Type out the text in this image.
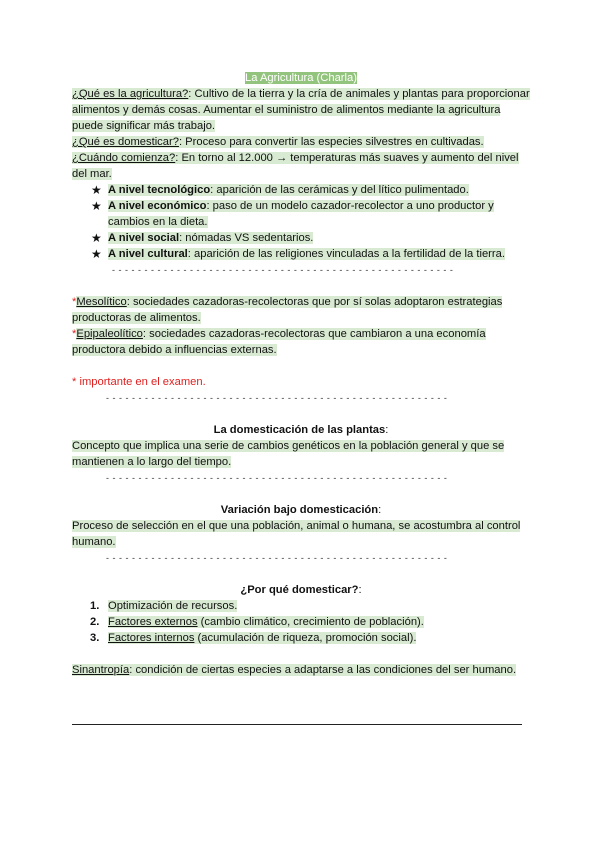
La Agricultura (Charla)

¿Qué es la agricultura?: Cultivo de la tierra y la cría de animales y plantas para proporcionar alimentos y demás cosas. Aumentar el suministro de alimentos mediante la agricultura puede significar más trabajo.

¿Qué es domesticar?: Proceso para convertir las especies silvestres en cultivadas.

¿Cuándo comienza?: En torno al 12.000 → temperaturas más suaves y aumento del nivel del mar.

★ A nivel tecnológico: aparición de las cerámicas y del lítico pulimentado.
★ A nivel económico: paso de un modelo cazador-recolector a uno productor y cambios en la dieta.
★ A nivel social: nómadas VS sedentarios.
★ A nivel cultural: aparición de las religiones vinculadas a la fertilidad de la tierra.
- - - - - - - - - - - - - - - - - - - - - - - - - - - - - - - - - - - - - - - - - - - - - - - - - - - - -

*Mesolítico: sociedades cazadoras-recolectoras que por sí solas adoptaron estrategias productoras de alimentos.

*Epipaleolítico: sociedades cazadoras-recolectoras que cambiaron a una economía productora debido a influencias externas.

* importante en el examen.

- - - - - - - - - - - - - - - - - - - - - - - - - - - - - - - - - - - - - - - - - - - - - - - - - - - - -

La domesticación de las plantas:

Concepto que implica una serie de cambios genéticos en la población general y que se mantienen a lo largo del tiempo.

- - - - - - - - - - - - - - - - - - - - - - - - - - - - - - - - - - - - - - - - - - - - - - - - - - - - -

Variación bajo domesticación:

Proceso de selección en el que una población, animal o humana, se acostumbra al control humano.

- - - - - - - - - - - - - - - - - - - - - - - - - - - - - - - - - - - - - - - - - - - - - - - - - - - - -

¿Por qué domesticar?:

1. Optimización de recursos.
2. Factores externos (cambio climático, crecimiento de población).
3. Factores internos (acumulación de riqueza, promoción social).

Sinantropía: condición de ciertas especies a adaptarse a las condiciones del ser humano.
